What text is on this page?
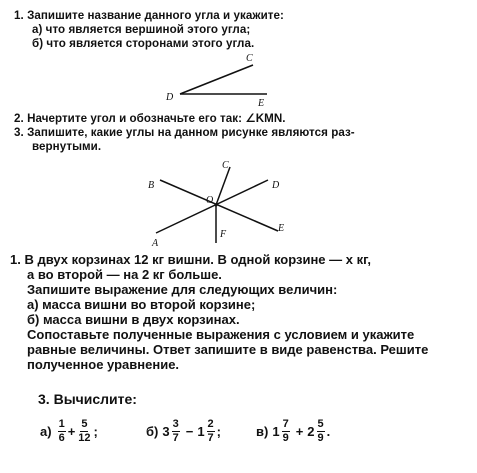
1. Запишите название данного угла и укажите:
а) что является вершиной этого угла;
б) что является сторонами этого угла.
C
D
E
2. Начертите угол и обозначьте его так: ∠KMN.
3. Запишите, какие углы на данном рисунке являются раз-
вернутыми.
C
B	D
O
A
F
E
1. В двух корзинах 12 кг вишни. В одной корзине — x кг,
а во второй — на 2 кг больше.
Запишите выражение для следующих величин:
а) масса вишни во второй корзине;
б) масса вишни в двух корзинах.
Сопоставьте полученные выражения с условием и укажите
равные величины. Ответ запишите в виде равенства. Решите
полученное уравнение.
3. Вычислите:
$а) \frac{1}{6} + \frac{5}{12}$ ;	б) $3 \frac{3}{7} - 1 \frac{2}{7}$ ;	в) $1 \frac{7}{9} + 2 \frac{5}{9}$ .
